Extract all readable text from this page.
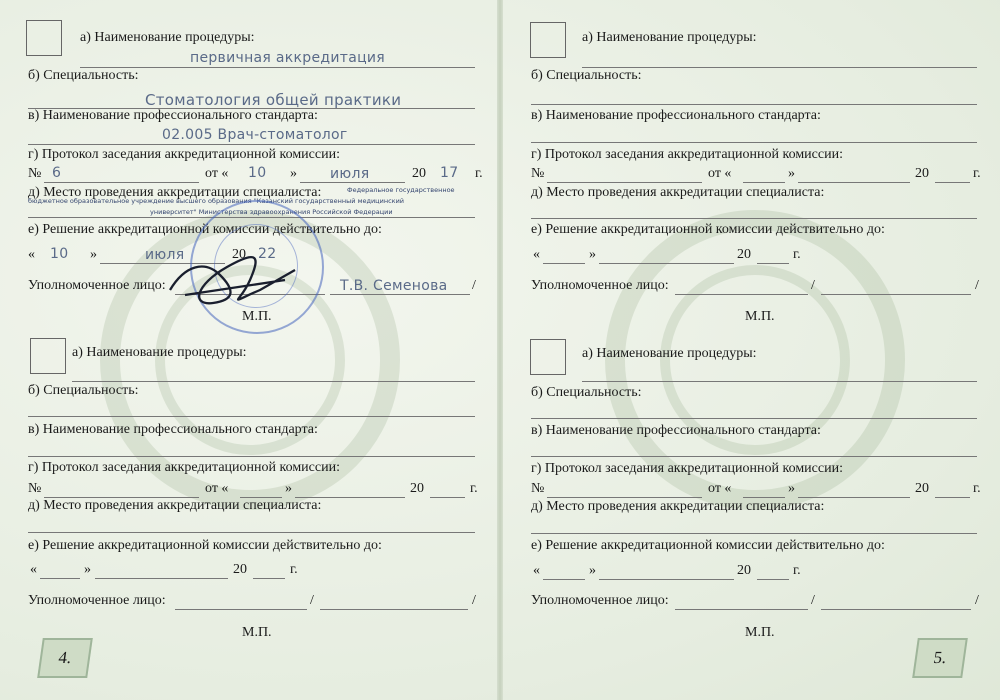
а) Наименование процедуры:
первичная аккредитация
б) Специальность:
Стоматология общей практики
в) Наименование профессионального стандарта:
02.005 Врач-стоматолог
г) Протокол заседания аккредитационной комиссии:
№ 6	от « 10 » июля	20 17 г.
д) Место проведения аккредитации специалиста:	Федеральное государственное
бюджетное образовательное учреждение высшего образования "Казанский государственный медицинский
университет" Министерства здравоохранения Российской Федерации
е) Решение аккредитационной комиссии действительно до:
« 10 »	июля	20 22
Уполномоченное лицо:	Т.В. Семенова /
М.П.
а) Наименование процедуры:
б) Специальность:
в) Наименование профессионального стандарта:
г) Протокол заседания аккредитационной комиссии:
№	от «	»	20	г.
д) Место проведения аккредитации специалиста:
е) Решение аккредитационной комиссии действительно до:
«	»	20	г.
Уполномоченное лицо:	/	/
М.П.
4.
а) Наименование процедуры:
б) Специальность:
в) Наименование профессионального стандарта:
г) Протокол заседания аккредитационной комиссии:
№	от «	»	20	г.
д) Место проведения аккредитации специалиста:
е) Решение аккредитационной комиссии действительно до:
«	»	20	г.
Уполномоченное лицо:	/	/
М.П.
а) Наименование процедуры:
б) Специальность:
в) Наименование профессионального стандарта:
г) Протокол заседания аккредитационной комиссии:
№	от «	»	20	г.
д) Место проведения аккредитации специалиста:
е) Решение аккредитационной комиссии действительно до:
«	»	20	г.
Уполномоченное лицо:	/	/
М.П.
5.
